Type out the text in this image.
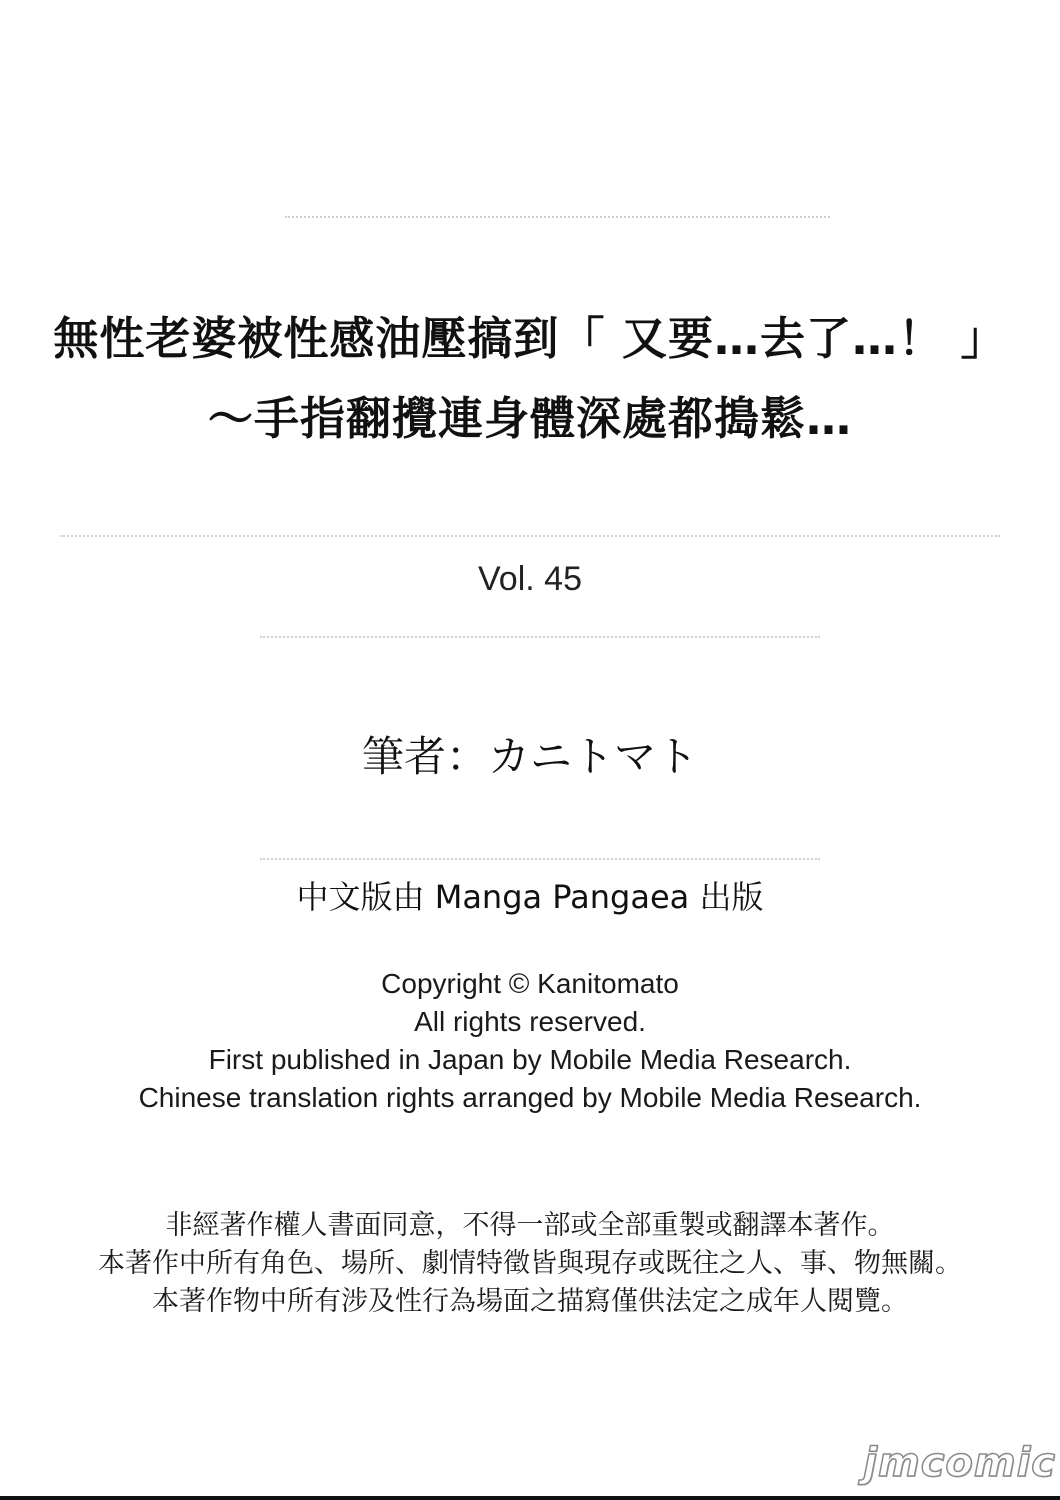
無性老婆被性感油壓搞到「 又要…去了…！ 」
～手指翻攪連身體深處都搗鬆…
Vol. 45
筆者：カニトマト
中文版由 Manga Pangaea 出版
Copyright © Kanitomato
All rights reserved.
First published in Japan by Mobile Media Research.
Chinese translation rights arranged by Mobile Media Research.
非經著作權人書面同意，不得一部或全部重製或翻譯本著作。
本著作中所有角色、場所、劇情特徵皆與現存或既往之人、事、物無關。
本著作物中所有涉及性行為場面之描寫僅供法定之成年人閱覽。
jmcomic
